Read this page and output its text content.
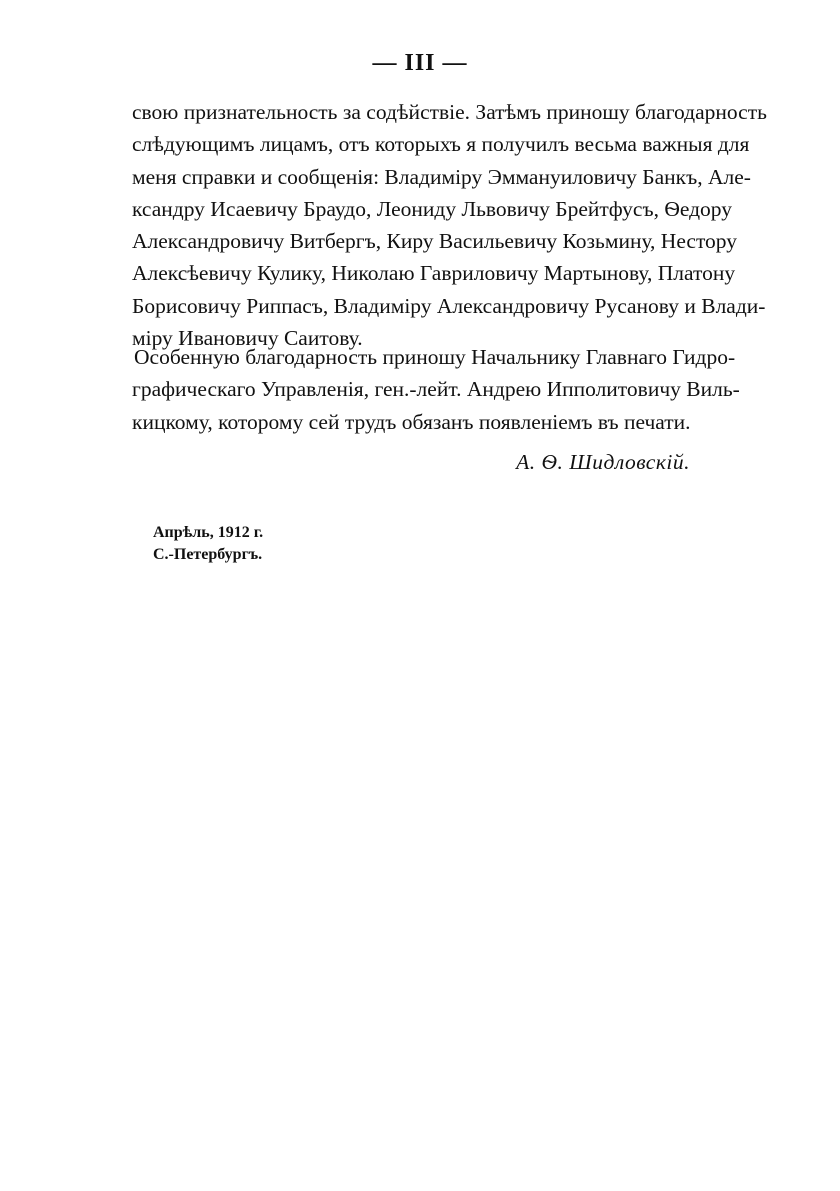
— III —
свою признательность за содѣйствіе. Затѣмъ приношу благодарность
слѣдующимъ лицамъ, отъ которыхъ я получилъ весьма важныя для
меня справки и сообщенія: Владиміру Эммануиловичу Банкъ, Але-
ксандру Исаевичу Браудо, Леониду Львовичу Брейтфусъ, Ѳедору
Александровичу Витбергъ, Киру Васильевичу Козьмину, Нестору
Алексѣевичу Кулику, Николаю Гавриловичу Мартынову, Платону
Борисовичу Риппасъ, Владиміру Александровичу Русанову и Влади-
міру Ивановичу Саитову.
Особенную благодарность приношу Начальнику Главнаго Гидро-
графическаго Управленія, ген.-лейт. Андрею Ипполитовичу Виль-
кицкому, которому сей трудъ обязанъ появленіемъ въ печати.
А. Ѳ. Шидловскій.
Апрѣль, 1912 г.
С.-Петербургъ.
